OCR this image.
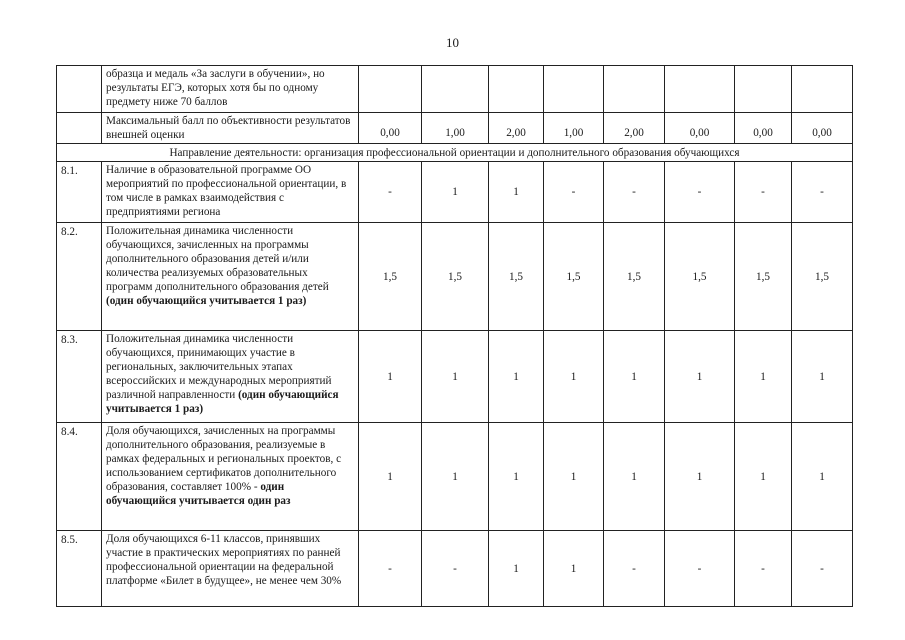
10
	образца и медаль «За заслуги в обучении», но результаты ЕГЭ, которых хотя бы по одному предмету ниже 70 баллов								
	Максимальный балл по объективности результатов внешней оценки	0,00	1,00	2,00	1,00	2,00	0,00	0,00	0,00
Направление деятельности: организация профессиональной ориентации и дополнительного образования обучающихся									
8.1.	Наличие в образовательной программе ОО мероприятий по профессиональной ориентации, в том числе в рамках взаимодействия с предприятиями региона	-	1	1	-	-	-	-	-
8.2.	Положительная динамика численности обучающихся, зачисленных на программы дополнительного образования детей и/или количества реализуемых образовательных программ дополнительного образования детей (один обучающийся учитывается 1 раз)	1,5	1,5	1,5	1,5	1,5	1,5	1,5	1,5
8.3.	Положительная динамика численности обучающихся, принимающих участие в региональных, заключительных этапах всероссийских и международных мероприятий различной направленности (один обучающийся учитывается 1 раз)	1	1	1	1	1	1	1	1
8.4.	Доля обучающихся, зачисленных на программы дополнительного образования, реализуемые в рамках федеральных и региональных проектов, с использованием сертификатов дополнительного образования, составляет 100% - один обучающийся учитывается один раз	1	1	1	1	1	1	1	1
8.5.	Доля обучающихся 6-11 классов, принявших участие в практических мероприятиях по ранней профессиональной ориентации на федеральной платформе «Билет в будущее», не менее чем 30%	-	-	1	1	-	-	-	-
